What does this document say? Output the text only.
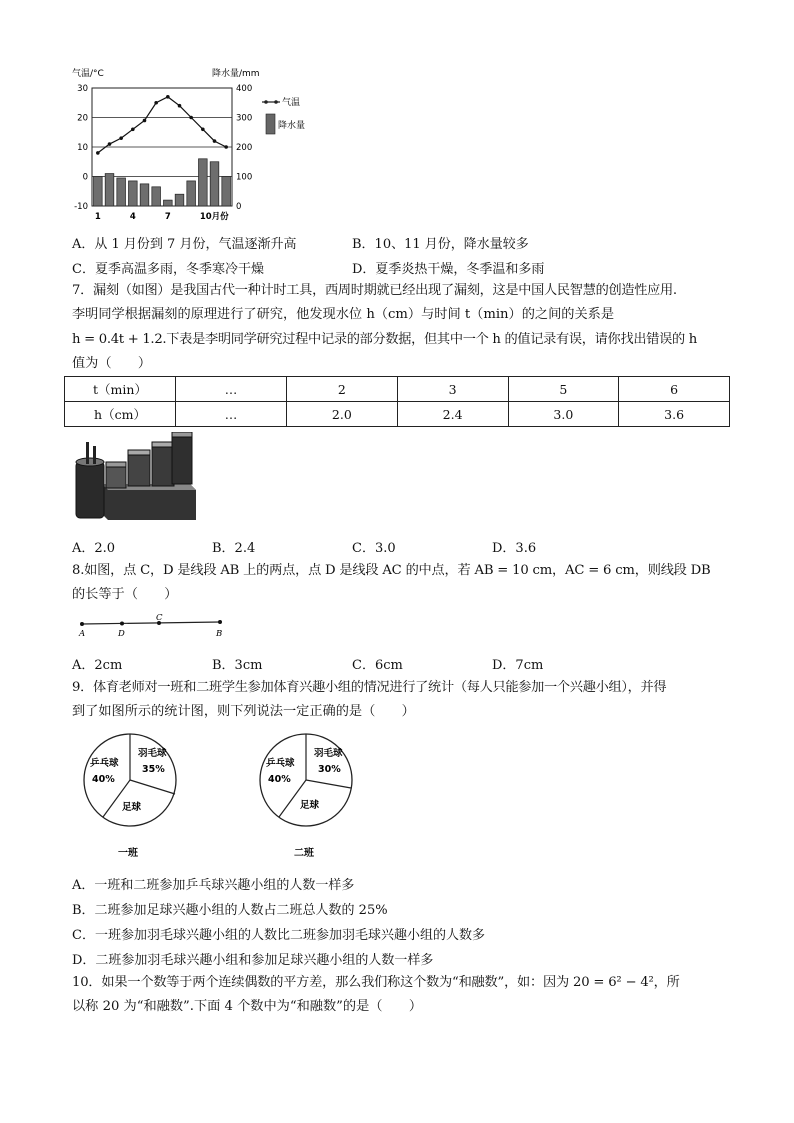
气温/°C	降水量/mm
30
20
10
0
-10
400
300
200
100
0
1	4	7	10月份
气温
降水量
A．从 1 月份到 7 月份，气温逐渐升高	B．10、11 月份，降水量较多
C．夏季高温多雨，冬季寒冷干燥	D．夏季炎热干燥，冬季温和多雨
7．漏刻（如图）是我国古代一种计时工具，西周时期就已经出现了漏刻，这是中国人民智慧的创造性应用.
李明同学根据漏刻的原理进行了研究，他发现水位 h（cm）与时间 t（min）的之间的关系是
h = 0.4t + 1.2.下表是李明同学研究过程中记录的部分数据，但其中一个 h 的值记录有误，请你找出错误的 h
值为（　　）
t（min）	…	2	3	5	6
h（cm）	…	2.0	2.4	3.0	3.6
A．2.0	B．2.4	C．3.0	D．3.6
8.如图，点 C，D 是线段 AB 上的两点，点 D 是线段 AC 的中点，若 AB = 10 cm，AC = 6 cm，则线段 DB
的长等于（　　）
A	D
C
B
A．2cm	B．3cm	C．6cm	D．7cm
9．体育老师对一班和二班学生参加体育兴趣小组的情况进行了统计（每人只能参加一个兴趣小组），并得
到了如图所示的统计图，则下列说法一定正确的是（　　）
乒乓球
40%
羽毛球
35%
足球
一班
乒乓球
40%
羽毛球
30%
足球
二班
A．一班和二班参加乒乓球兴趣小组的人数一样多
B．二班参加足球兴趣小组的人数占二班总人数的 25%
C．一班参加羽毛球兴趣小组的人数比二班参加羽毛球兴趣小组的人数多
D．二班参加羽毛球兴趣小组和参加足球兴趣小组的人数一样多
10．如果一个数等于两个连续偶数的平方差，那么我们称这个数为“和融数”，如：因为 20 = 6² − 4²，所
以称 20 为“和融数”.下面 4 个数中为“和融数”的是（　　）
